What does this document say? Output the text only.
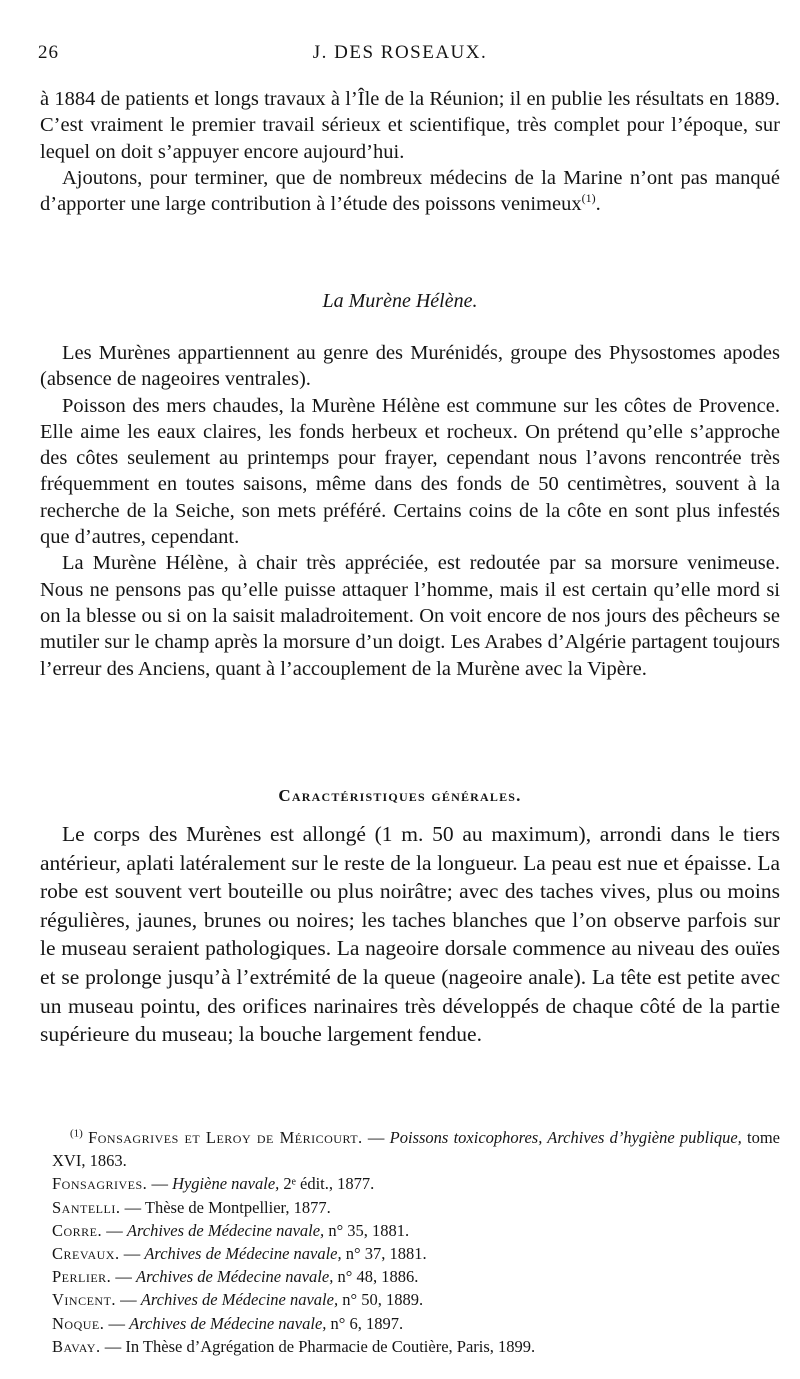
26	J. DES ROSEAUX.

à 1884 de patients et longs travaux à l’Île de la Réunion; il en publie les résultats en 1889. C’est vraiment le premier travail sérieux et scientifique, très complet pour l’époque, sur lequel on doit s’appuyer encore aujourd’hui.

Ajoutons, pour terminer, que de nombreux médecins de la Marine n’ont pas manqué d’apporter une large contribution à l’étude des poissons venimeux$^{(1)}$.

La Murène Hélène.

Les Murènes appartiennent au genre des Murénidés, groupe des Physostomes apodes (absence de nageoires ventrales).

Poisson des mers chaudes, la Murène Hélène est commune sur les côtes de Provence. Elle aime les eaux claires, les fonds herbeux et rocheux. On prétend qu’elle s’approche des côtes seulement au printemps pour frayer, cependant nous l’avons rencontrée très fréquemment en toutes saisons, même dans des fonds de 50 centimètres, souvent à la recherche de la Seiche, son mets préféré. Certains coins de la côte en sont plus infestés que d’autres, cependant.

La Murène Hélène, à chair très appréciée, est redoutée par sa morsure venimeuse. Nous ne pensons pas qu’elle puisse attaquer l’homme, mais il est certain qu’elle mord si on la blesse ou si on la saisit maladroitement. On voit encore de nos jours des pêcheurs se mutiler sur le champ après la morsure d’un doigt. Les Arabes d’Algérie partagent toujours l’erreur des Anciens, quant à l’accouplement de la Murène avec la Vipère.

Caractéristiques générales.

Le corps des Murènes est allongé (1 m. 50 au maximum), arrondi dans le tiers antérieur, aplati latéralement sur le reste de la longueur. La peau est nue et épaisse. La robe est souvent vert bouteille ou plus noirâtre; avec des taches vives, plus ou moins régulières, jaunes, brunes ou noires; les taches blanches que l’on observe parfois sur le museau seraient pathologiques. La nageoire dorsale commence au niveau des ouïes et se prolonge jusqu’à l’extrémité de la queue (nageoire anale). La tête est petite avec un museau pointu, des orifices narinaires très développés de chaque côté de la partie supérieure du museau; la bouche largement fendue.

$^{(1)}$ Fonsagrives et Leroy de Méricourt. — Poissons toxicophores, Archives d’hygiène publique, tome XVI, 1863.
Fonsagrives. — Hygiène navale, 2ᵉ édit., 1877.
Santelli. — Thèse de Montpellier, 1877.
Corre. — Archives de Médecine navale, n° 35, 1881.
Crevaux. — Archives de Médecine navale, n° 37, 1881.
Perlier. — Archives de Médecine navale, n° 48, 1886.
Vincent. — Archives de Médecine navale, n° 50, 1889.
Noque. — Archives de Médecine navale, n° 6, 1897.
Bavay. — In Thèse d’Agrégation de Pharmacie de Coutière, Paris, 1899.
